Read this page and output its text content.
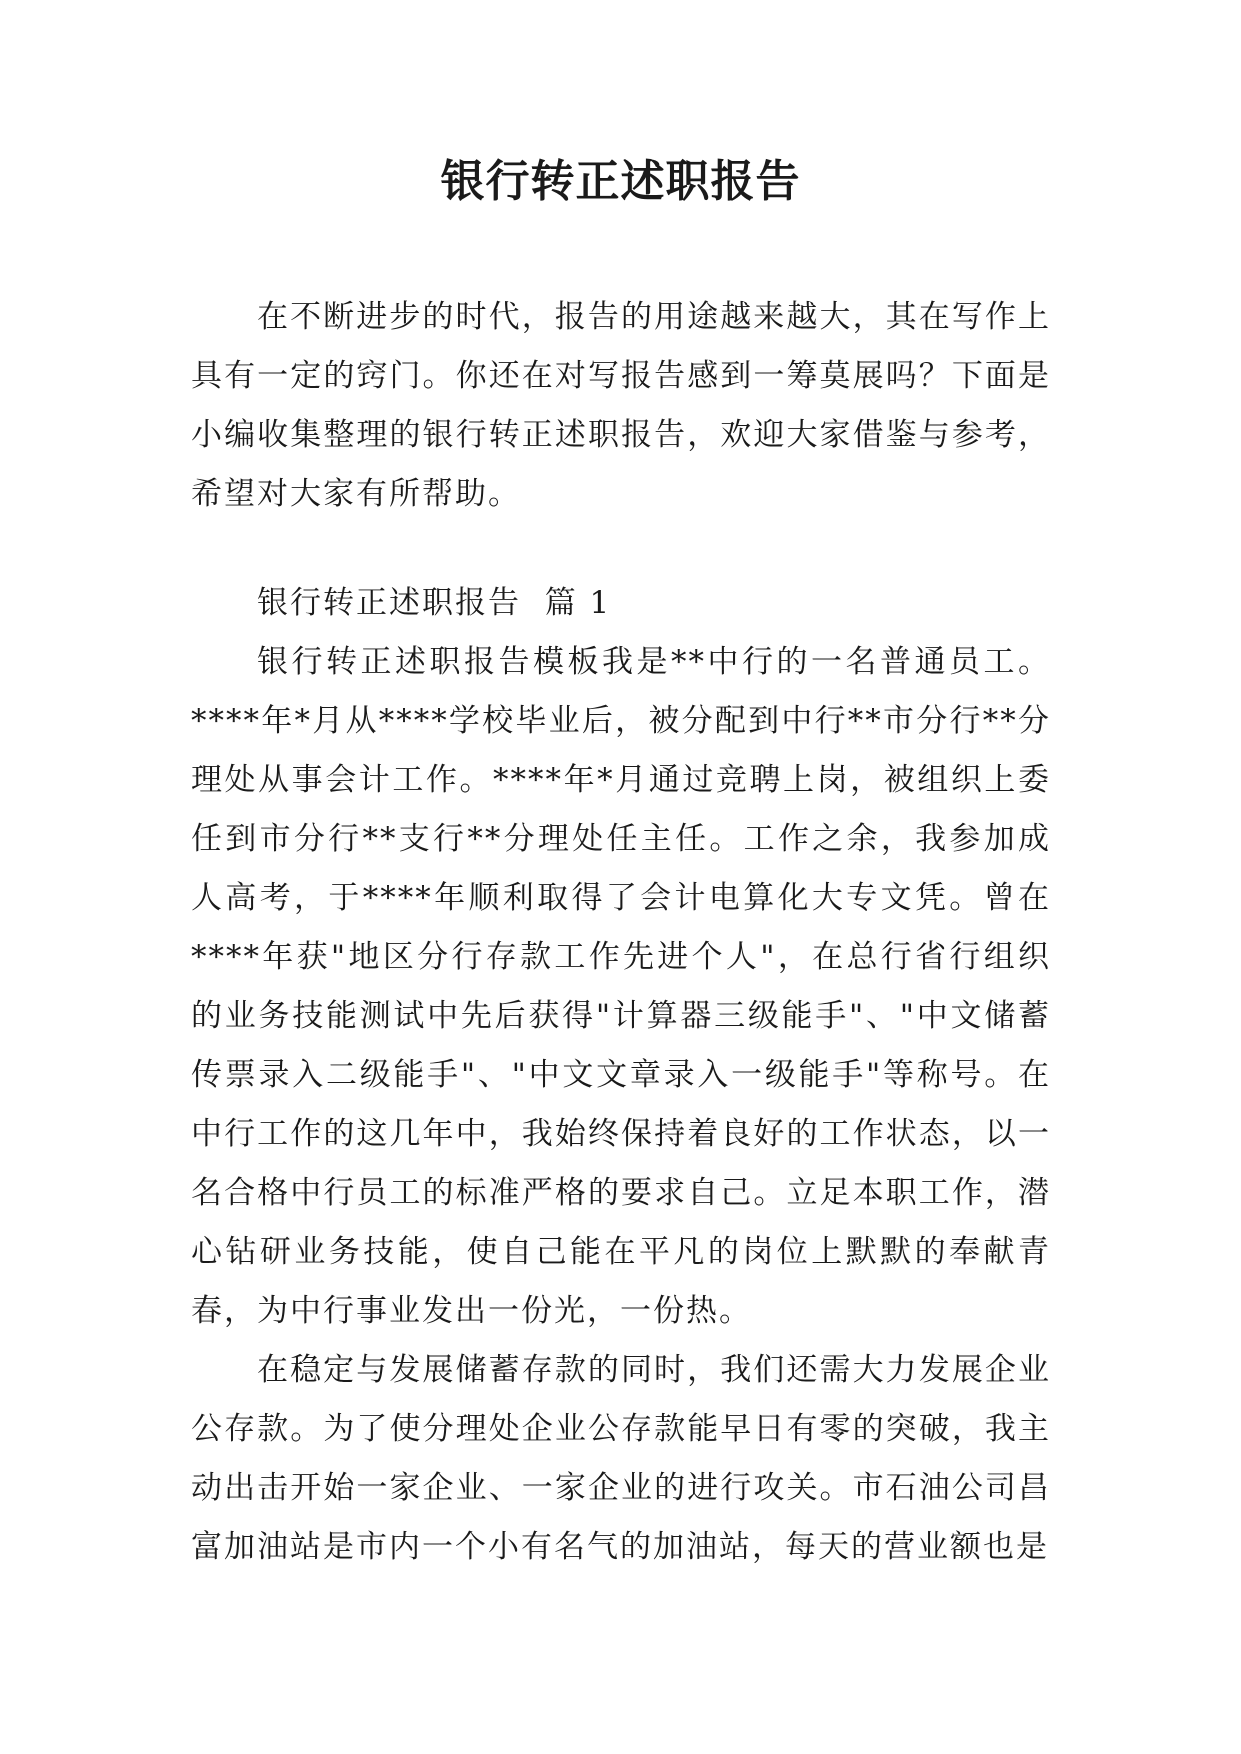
银行转正述职报告

在不断进步的时代，报告的用途越来越大，其在写作上具有一定的窍门。你还在对写报告感到一筹莫展吗？下面是小编收集整理的银行转正述职报告，欢迎大家借鉴与参考，希望对大家有所帮助。

银行转正述职报告  篇 1

银行转正述职报告模板我是**中行的一名普通员工。****年*月从****学校毕业后，被分配到中行**市分行**分理处从事会计工作。****年*月通过竞聘上岗，被组织上委任到市分行**支行**分理处任主任。工作之余，我参加成人高考，于****年顺利取得了会计电算化大专文凭。曾在****年获"地区分行存款工作先进个人"，在总行省行组织的业务技能测试中先后获得"计算器三级能手"、"中文储蓄传票录入二级能手"、"中文文章录入一级能手"等称号。在中行工作的这几年中，我始终保持着良好的工作状态，以一名合格中行员工的标准严格的要求自己。立足本职工作，潜心钻研业务技能，使自己能在平凡的岗位上默默的奉献青春，为中行事业发出一份光，一份热。

在稳定与发展储蓄存款的同时，我们还需大力发展企业公存款。为了使分理处企业公存款能早日有零的突破，我主动出击开始一家企业、一家企业的进行攻关。市石油公司昌富加油站是市内一个小有名气的加油站，每天的营业额也是
